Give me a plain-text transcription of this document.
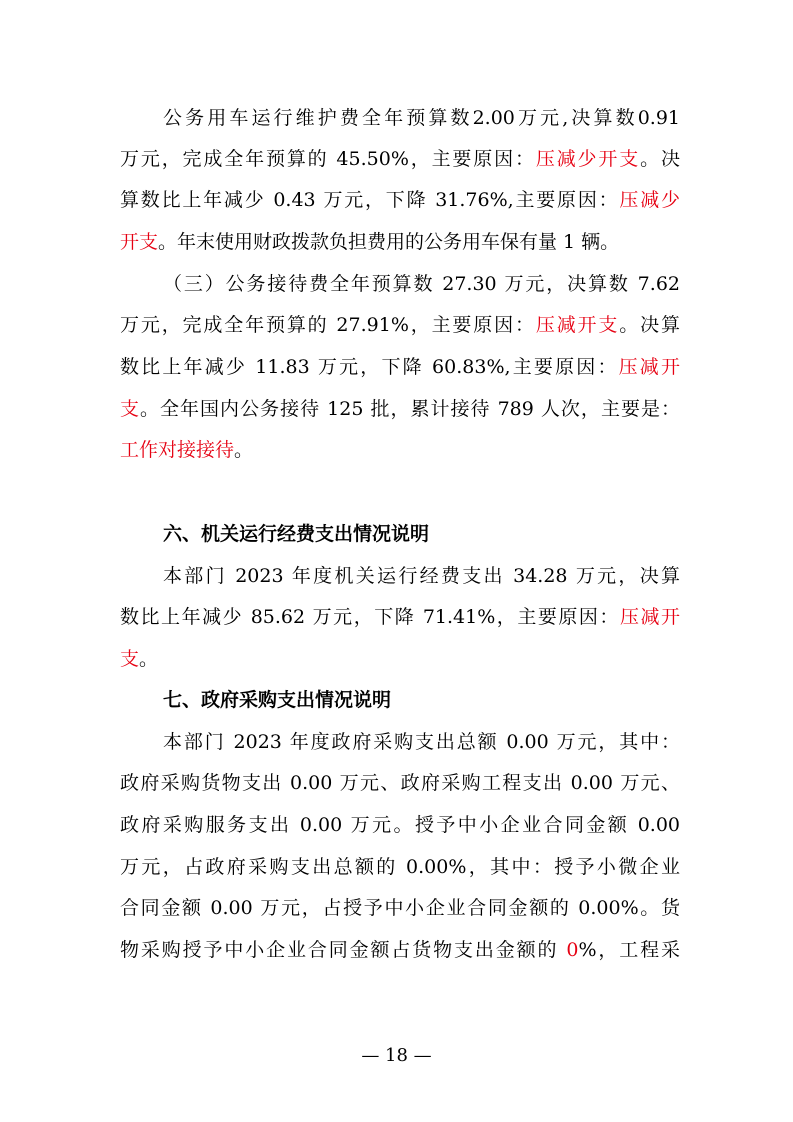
公务用车运行维护费全年预算数2.00万元,决算数0.91
万元，完成全年预算的 45.50%，主要原因：压减少开支。决
算数比上年减少 0.43 万元，下降 31.76%,主要原因：压减少
开支。年末使用财政拨款负担费用的公务用车保有量 1 辆。
（三）公务接待费全年预算数 27.30 万元，决算数 7.62
万元，完成全年预算的 27.91%，主要原因：压减开支。决算
数比上年减少 11.83 万元，下降 60.83%,主要原因：压减开
支。全年国内公务接待 125 批，累计接待 789 人次，主要是：
工作对接接待。
六、机关运行经费支出情况说明
本部门 2023 年度机关运行经费支出 34.28 万元，决算
数比上年减少 85.62 万元，下降 71.41%，主要原因：压减开
支。
七、政府采购支出情况说明
本部门 2023 年度政府采购支出总额 0.00 万元，其中：
政府采购货物支出 0.00 万元、政府采购工程支出 0.00 万元、
政府采购服务支出 0.00 万元。授予中小企业合同金额 0.00
万元，占政府采购支出总额的 0.00%，其中：授予小微企业
合同金额 0.00 万元，占授予中小企业合同金额的 0.00%。货
物采购授予中小企业合同金额占货物支出金额的 0%，工程采
— 18 —
